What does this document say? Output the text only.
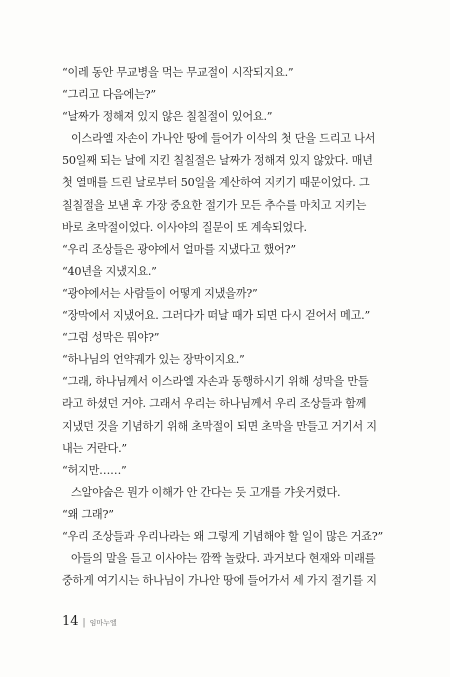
“이레 동안 무교병을 먹는 무교절이 시작되지요.”
“그리고 다음에는?”
“날짜가 정해져 있지 않은 칠칠절이 있어요.”
이스라엘 자손이 가나안 땅에 들어가 이삭의 첫 단을 드리고 나서
50일째 되는 날에 지킨 칠칠절은 날짜가 정해져 있지 않았다. 매년
첫 열매를 드린 날로부터 50일을 계산하여 지키기 때문이었다. 그
칠칠절을 보낸 후 가장 중요한 절기가 모든 추수를 마치고 지키는
바로 초막절이었다. 이사야의 질문이 또 계속되었다.
“우리 조상들은 광야에서 얼마를 지냈다고 했어?”
“40년을 지냈지요.”
“광야에서는 사람들이 어떻게 지냈을까?”
“장막에서 지냈어요. 그러다가 떠날 때가 되면 다시 걷어서 메고.”
“그럼 성막은 뭐야?”
“하나님의 언약궤가 있는 장막이지요.”
“그래, 하나님께서 이스라엘 자손과 동행하시기 위해 성막을 만들
라고 하셨던 거야. 그래서 우리는 하나님께서 우리 조상들과 함께
지냈던 것을 기념하기 위해 초막절이 되면 초막을 만들고 거기서 지
내는 거란다.”
“허지만……”
스알야숩은 뭔가 이해가 안 간다는 듯 고개를 갸웃거렸다.
“왜 그래?”
“우리 조상들과 우리나라는 왜 그렇게 기념해야 할 일이 많은 거죠?”
아들의 말을 듣고 이사야는 깜짝 놀랐다. 과거보다 현재와 미래를
중하게 여기시는 하나님이 가나안 땅에 들어가서 세 가지 절기를 지
14 | 임마누엘
